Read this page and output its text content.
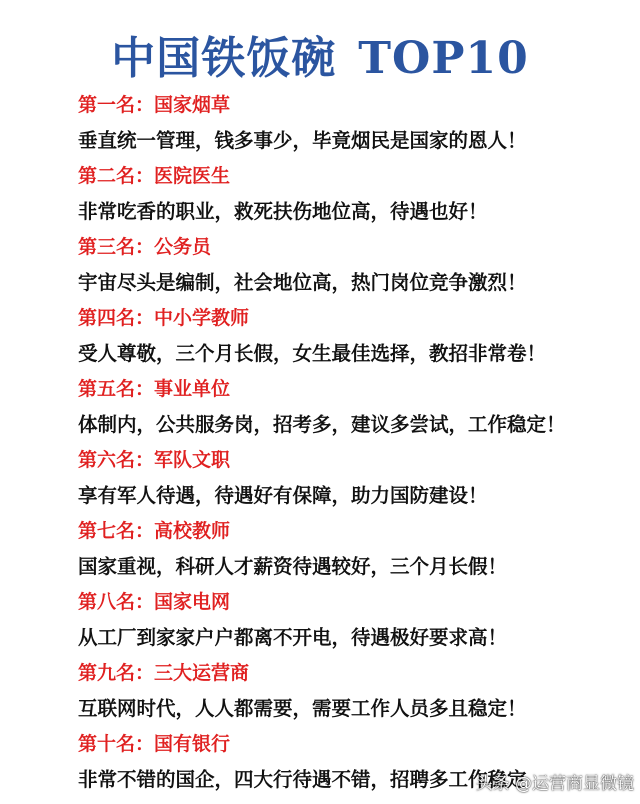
中国铁饭碗 TOP10
第一名：国家烟草
垂直统一管理，钱多事少，毕竟烟民是国家的恩人！
第二名：医院医生
非常吃香的职业，救死扶伤地位高，待遇也好！
第三名：公务员
宇宙尽头是编制，社会地位高，热门岗位竞争激烈！
第四名：中小学教师
受人尊敬，三个月长假，女生最佳选择，教招非常卷！
第五名：事业单位
体制内，公共服务岗，招考多，建议多尝试，工作稳定！
第六名：军队文职
享有军人待遇，待遇好有保障，助力国防建设！
第七名：高校教师
国家重视，科研人才薪资待遇较好，三个月长假！
第八名：国家电网
从工厂到家家户户都离不开电，待遇极好要求高！
第九名：三大运营商
互联网时代，人人都需要，需要工作人员多且稳定！
第十名：国有银行
非常不错的国企，四大行待遇不错，招聘多工作稳定
头条 @运营商显微镜
